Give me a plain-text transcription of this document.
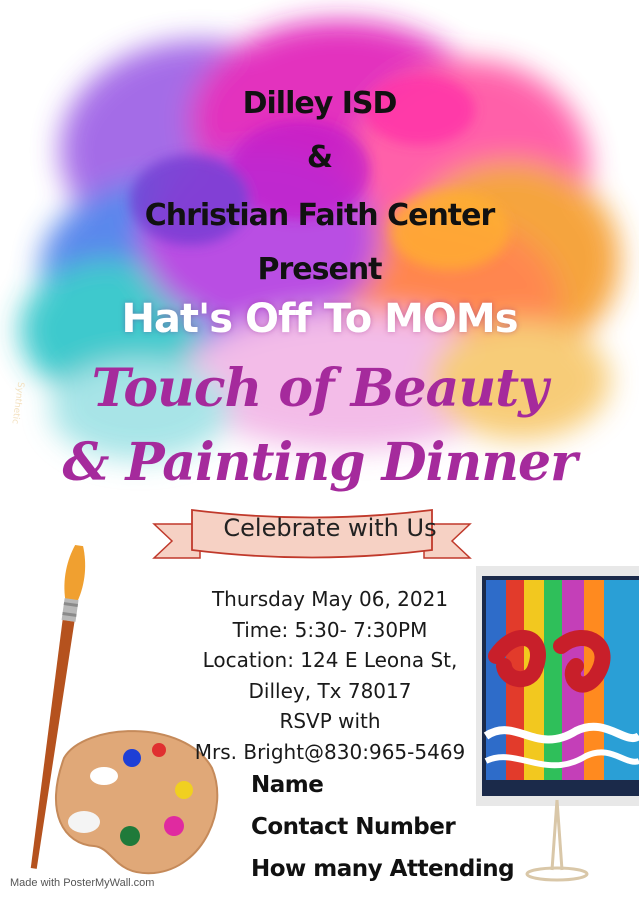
Synthetic
Dilley ISD
&
Christian Faith Center
Present
Hat's Off To MOMs
Touch of Beauty
& Painting Dinner
Celebrate with Us
Thursday May 06, 2021
Time: 5:30- 7:30PM
Location: 124 E Leona St,
Dilley, Tx 78017
RSVP with
Mrs. Bright@830:965-5469
Name
Contact Number
How many Attending
Made with PosterMyWall.com
